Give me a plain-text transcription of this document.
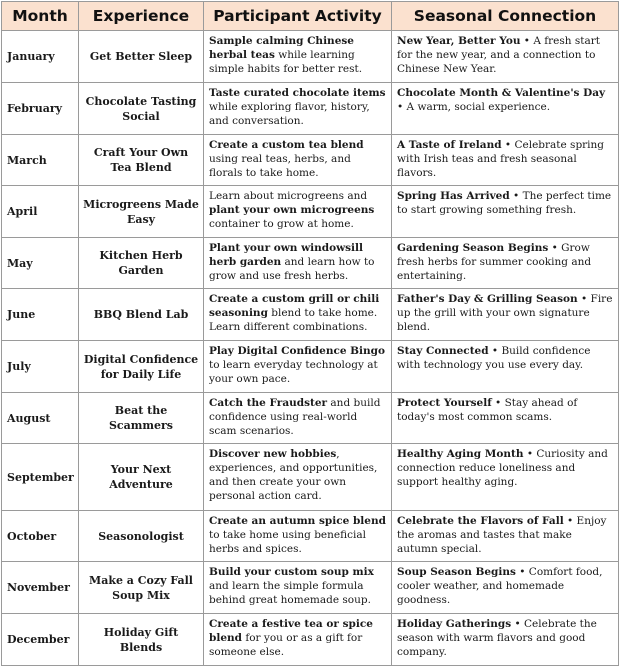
Month	Experience	Participant Activity	Seasonal Connection
January	Get Better Sleep	Sample calming Chinese herbal teas while learning simple habits for better rest.	New Year, Better You • A fresh start for the new year, and a connection to Chinese New Year.
February	Chocolate Tasting Social	Taste curated chocolate items while exploring flavor, history, and conversation.	Chocolate Month & Valentine's Day • A warm, social experience.
March	Craft Your Own Tea Blend	Create a custom tea blend using real teas, herbs, and florals to take home.	A Taste of Ireland • Celebrate spring with Irish teas and fresh seasonal flavors.
April	Microgreens Made Easy	Learn about microgreens and plant your own microgreens container to grow at home.	Spring Has Arrived • The perfect time to start growing something fresh.
May	Kitchen Herb Garden	Plant your own windowsill herb garden and learn how to grow and use fresh herbs.	Gardening Season Begins • Grow fresh herbs for summer cooking and entertaining.
June	BBQ Blend Lab	Create a custom grill or chili seasoning blend to take home. Learn different combinations.	Father's Day & Grilling Season • Fire up the grill with your own signature blend.
July	Digital Confidence for Daily Life	Play Digital Confidence Bingo to learn everyday technology at your own pace.	Stay Connected • Build confidence with technology you use every day.
August	Beat the Scammers	Catch the Fraudster and build confidence using real-world scam scenarios.	Protect Yourself • Stay ahead of today's most common scams.
September	Your Next Adventure	Discover new hobbies, experiences, and opportunities, and then create your own personal action card.	Healthy Aging Month • Curiosity and connection reduce loneliness and support healthy aging.
October	Seasonologist	Create an autumn spice blend to take home using beneficial herbs and spices.	Celebrate the Flavors of Fall • Enjoy the aromas and tastes that make autumn special.
November	Make a Cozy Fall Soup Mix	Build your custom soup mix and learn the simple formula behind great homemade soup.	Soup Season Begins • Comfort food, cooler weather, and homemade goodness.
December	Holiday Gift Blends	Create a festive tea or spice blend for you or as a gift for someone else.	Holiday Gatherings • Celebrate the season with warm flavors and good company.
